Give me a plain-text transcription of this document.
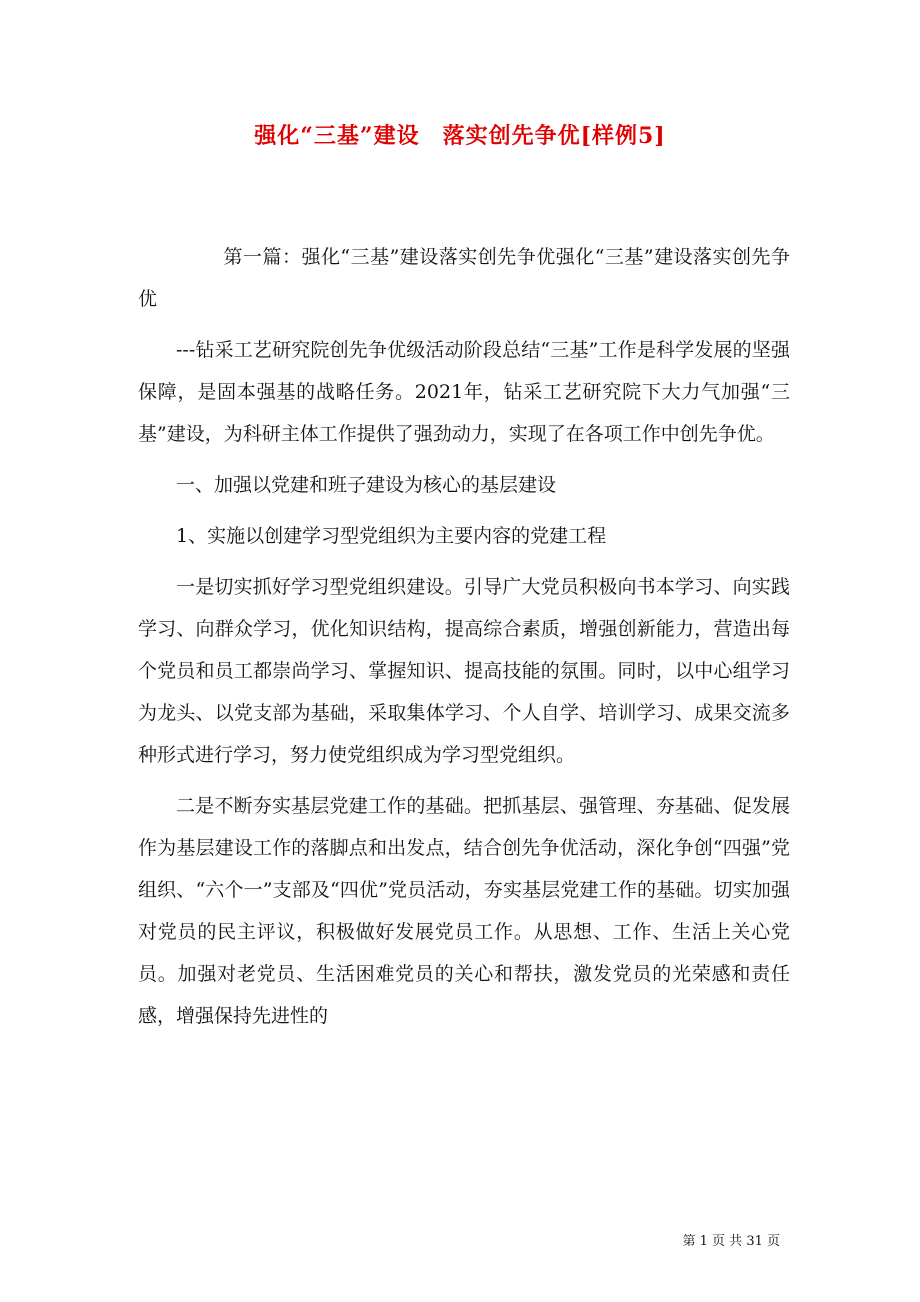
强化“三基”建设　落实创先争优[样例5]

第一篇：强化“三基”建设落实创先争优强化“三基”建设落实创先争优

---钻采工艺研究院创先争优级活动阶段总结“三基”工作是科学发展的坚强保障，是固本强基的战略任务。2021年，钻采工艺研究院下大力气加强“三基”建设，为科研主体工作提供了强劲动力，实现了在各项工作中创先争优。

一、加强以党建和班子建设为核心的基层建设

1、实施以创建学习型党组织为主要内容的党建工程

一是切实抓好学习型党组织建设。引导广大党员积极向书本学习、向实践学习、向群众学习，优化知识结构，提高综合素质，增强创新能力，营造出每个党员和员工都崇尚学习、掌握知识、提高技能的氛围。同时，以中心组学习为龙头、以党支部为基础，采取集体学习、个人自学、培训学习、成果交流多种形式进行学习，努力使党组织成为学习型党组织。

二是不断夯实基层党建工作的基础。把抓基层、强管理、夯基础、促发展作为基层建设工作的落脚点和出发点，结合创先争优活动，深化争创“四强”党组织、“六个一”支部及“四优”党员活动，夯实基层党建工作的基础。切实加强对党员的民主评议，积极做好发展党员工作。从思想、工作、生活上关心党员。加强对老党员、生活困难党员的关心和帮扶，激发党员的光荣感和责任感，增强保持先进性的

第 1 页 共 31 页
